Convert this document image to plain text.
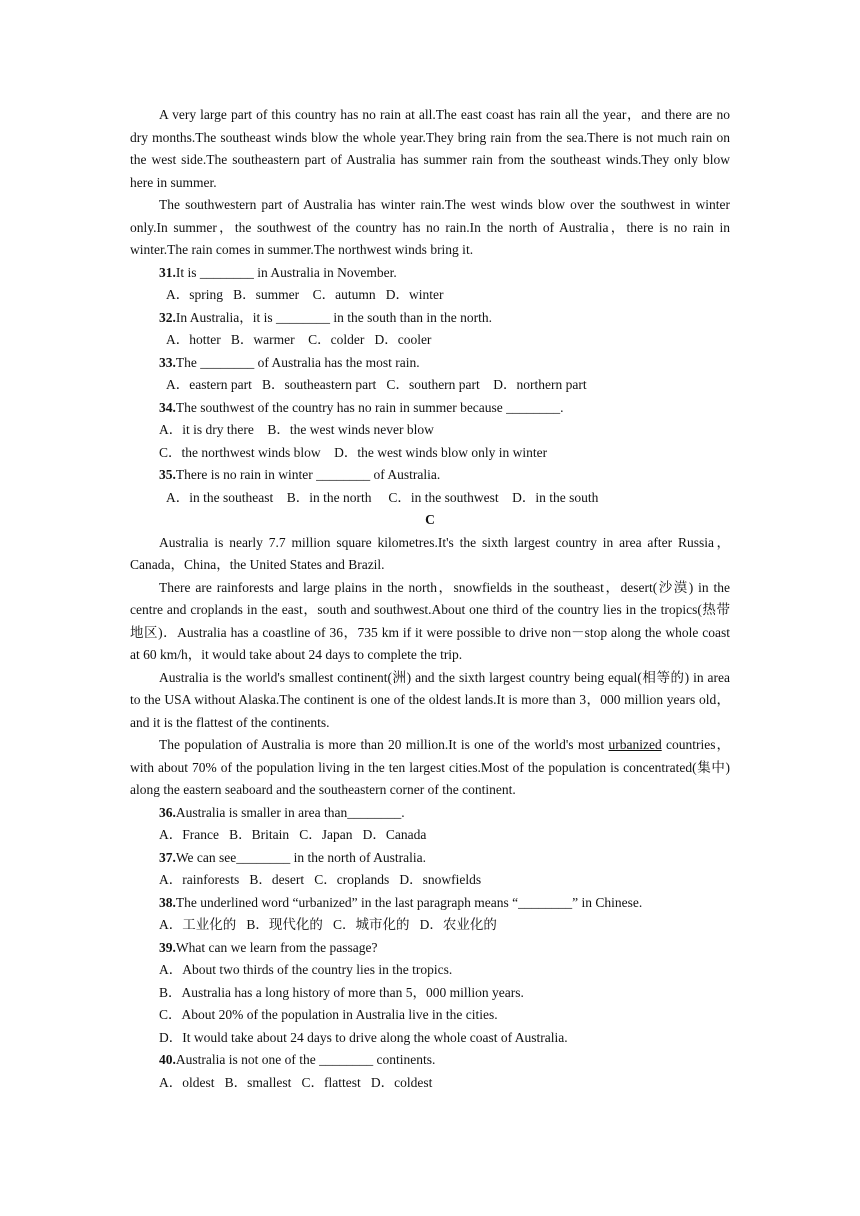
A very large part of this country has no rain at all.The east coast has rain all the year，and there are no dry months.The southeast winds blow the whole year.They bring rain from the sea.There is not much rain on the west side.The southeastern part of Australia has summer rain from the southeast winds.They only blow here in summer.

The southwestern part of Australia has winter rain.The west winds blow over the southwest in winter only.In summer，the southwest of the country has no rain.In the north of Australia，there is no rain in winter.The rain comes in summer.The northwest winds bring it.

31.It is ________ in Australia in November.

A．spring   B．summer    C．autumn   D．winter

32.In Australia，it is ________ in the south than in the north.

A．hotter   B．warmer    C．colder   D．cooler

33.The ________ of Australia has the most rain.

A．eastern part   B．southeastern part   C．southern part    D．northern part

34.The southwest of the country has no rain in summer because ________.

A．it is dry there    B．the west winds never blow

C．the northwest winds blow    D．the west winds blow only in winter

35.There is no rain in winter ________ of Australia.

A．in the southeast    B．in the north     C．in the southwest    D．in the south

C

Australia is nearly 7.7 million square kilometres.It's the sixth largest country in area after Russia，Canada，China，the United States and Brazil.

There are rainforests and large plains in the north，snowfields in the southeast，desert(沙漠) in the centre and croplands in the east，south and southwest.About one third of the country lies in the tropics(热带地区)．Australia has a coastline of 36，735 km if it were possible to drive non－stop along the whole coast at 60 km/h，it would take about 24 days to complete the trip.

Australia is the world's smallest continent(洲) and the sixth largest country being equal(相等的) in area to the USA without Alaska.The continent is one of the oldest lands.It is more than 3，000 million years old，and it is the flattest of the continents.

The population of Australia is more than 20 million.It is one of the world's most urbanized countries，with about 70% of the population living in the ten largest cities.Most of the population is concentrated(集中) along the eastern seaboard and the southeastern corner of the continent.

36.Australia is smaller in area than________.

A．France   B．Britain   C．Japan   D．Canada

37.We can see________ in the north of Australia.

A．rainforests   B．desert   C．croplands   D．snowfields

38.The underlined word “urbanized” in the last paragraph means “________” in Chinese.

A．工业化的   B．现代化的   C．城市化的   D．农业化的

39.What can we learn from the passage?

A．About two thirds of the country lies in the tropics.

B．Australia has a long history of more than 5，000 million years.

C．About 20% of the population in Australia live in the cities.

D．It would take about 24 days to drive along the whole coast of Australia.

40.Australia is not one of the ________ continents.

A．oldest   B．smallest   C．flattest   D．coldest
